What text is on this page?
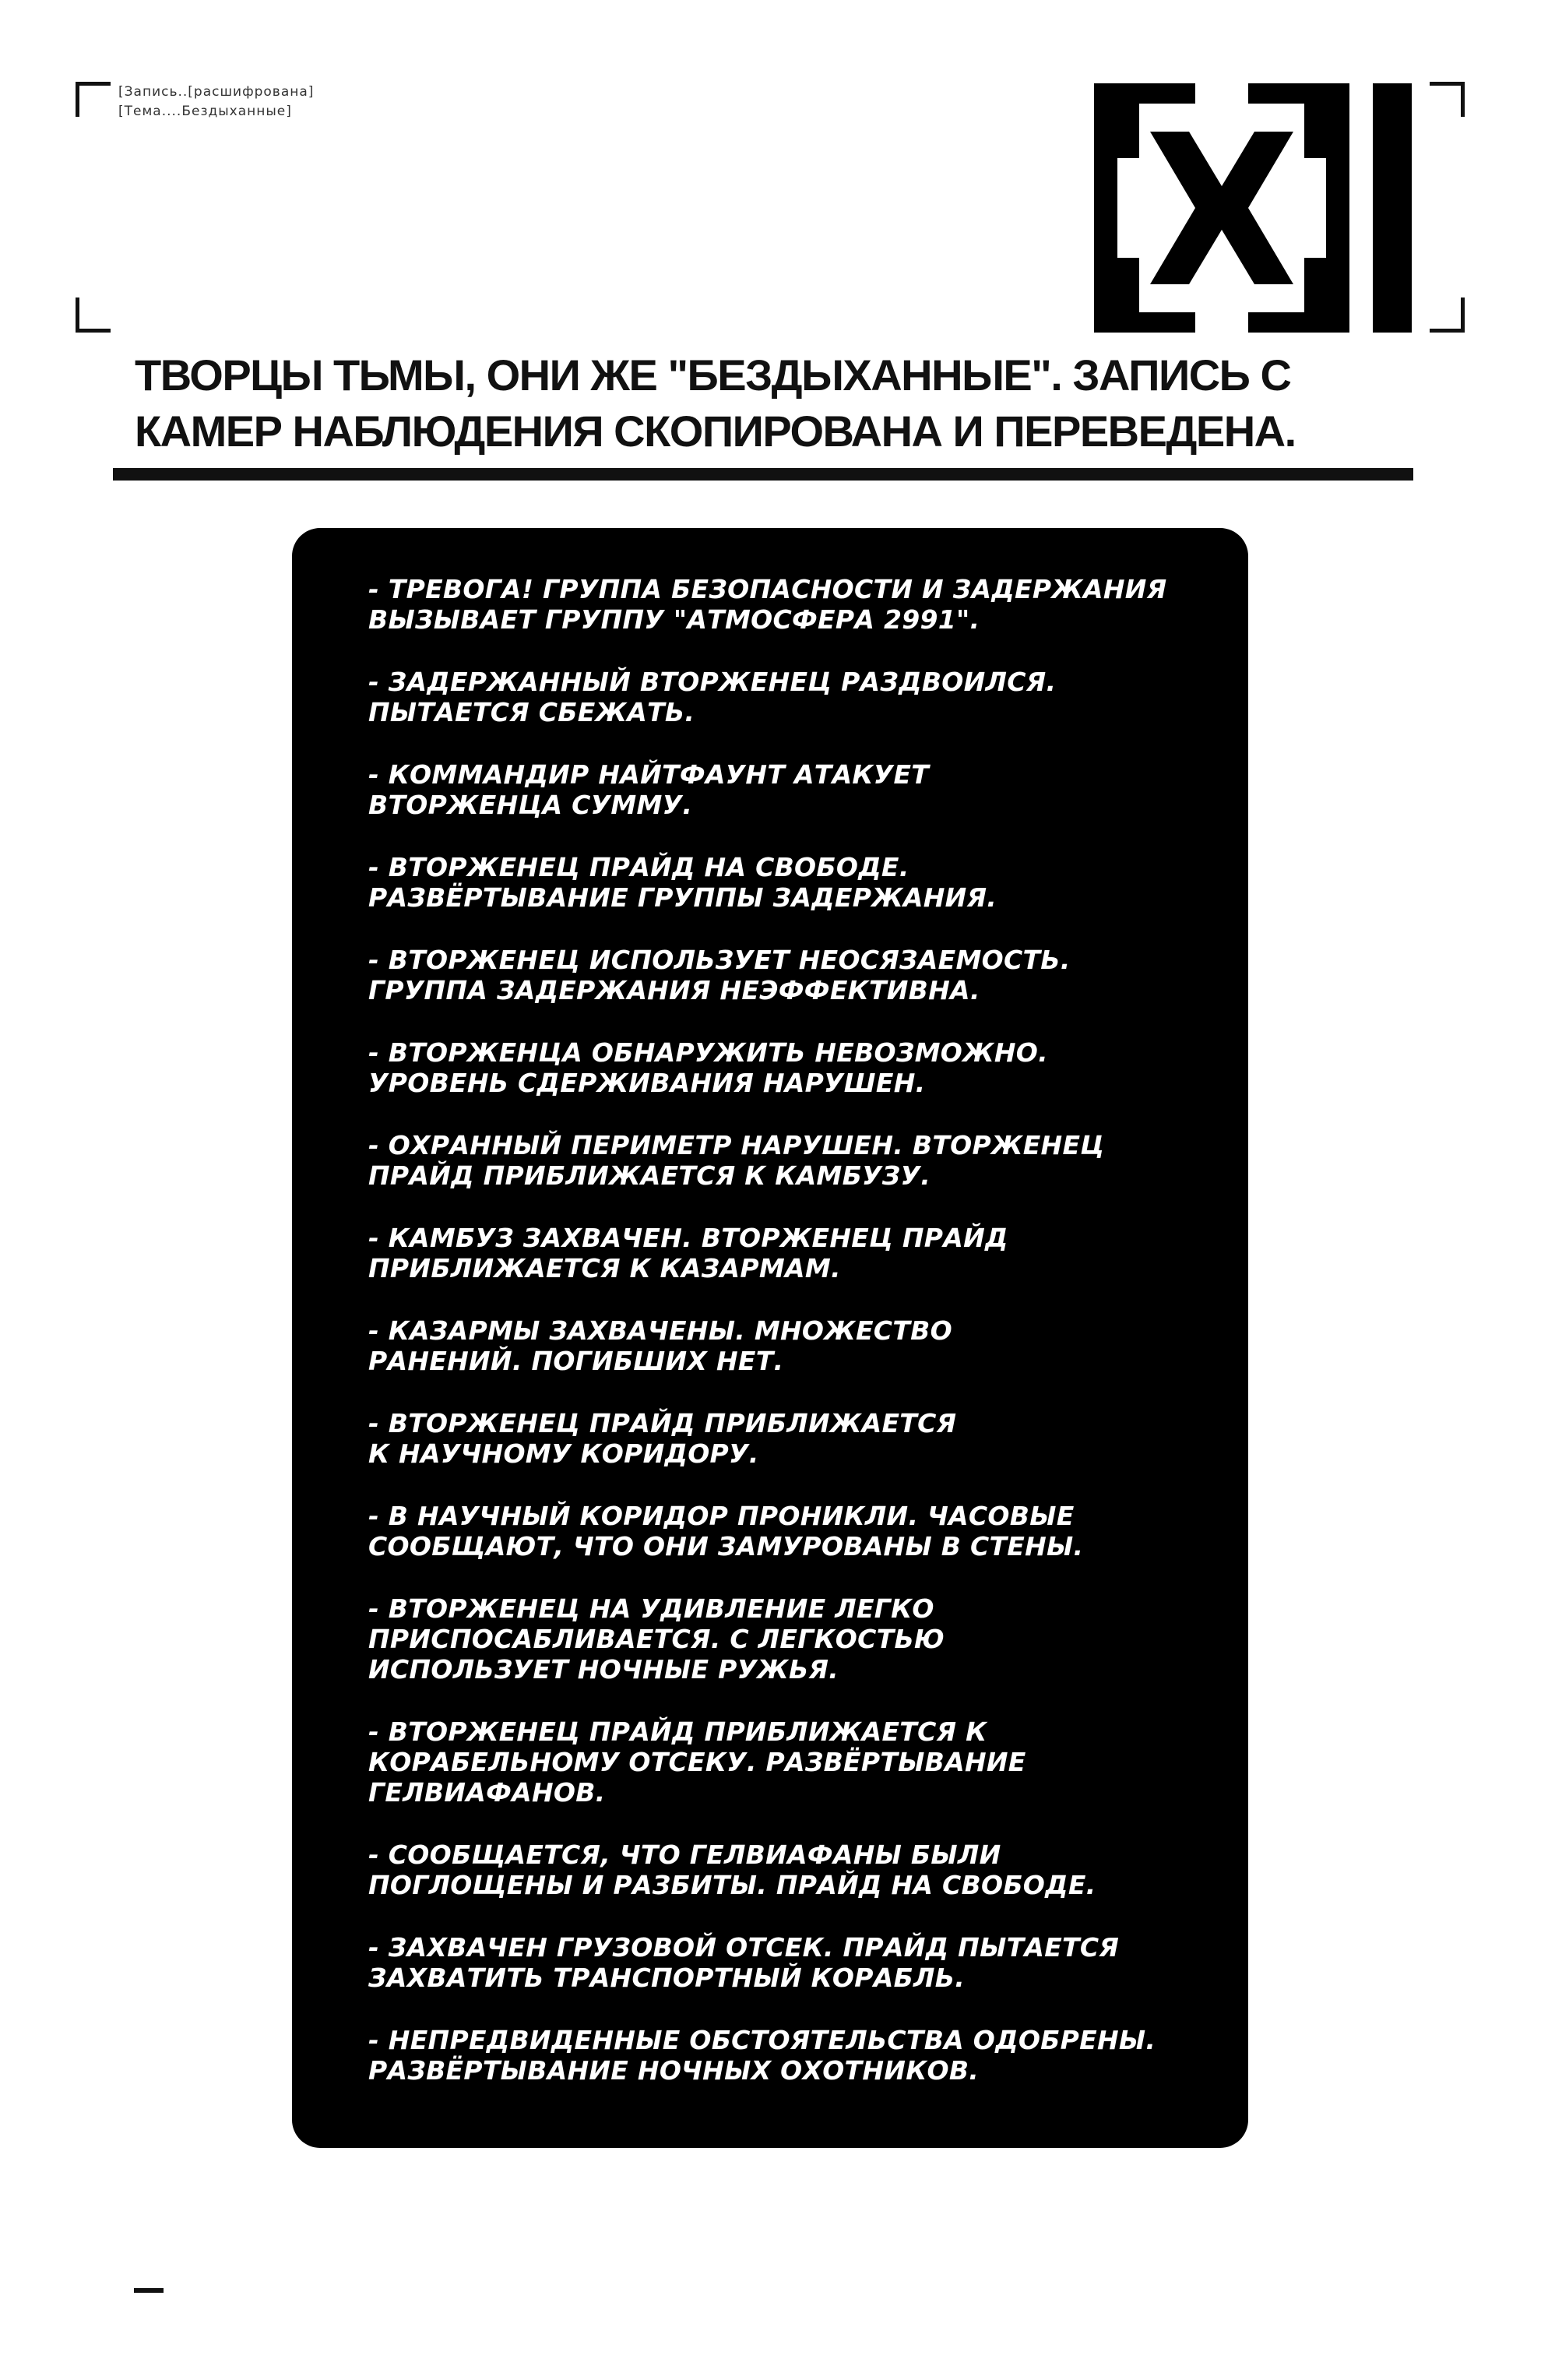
[Запись..[расшифрована]
[Тема....Бездыханные]
ТВОРЦЫ ТЬМЫ, ОНИ ЖЕ "БЕЗДЫХАННЫЕ". ЗАПИСЬ С
КАМЕР НАБЛЮДЕНИЯ СКОПИРОВАНА И ПЕРЕВЕДЕНА.
- ТРЕВОГА! ГРУППА БЕЗОПАСНОСТИ И ЗАДЕРЖАНИЯ
ВЫЗЫВАЕТ ГРУППУ "АТМОСФЕРА 2991".
- ЗАДЕРЖАННЫЙ ВТОРЖЕНЕЦ РАЗДВОИЛСЯ.
ПЫТАЕТСЯ СБЕЖАТЬ.
- КОММАНДИР НАЙТФАУНТ АТАКУЕТ
ВТОРЖЕНЦА СУММУ.
- ВТОРЖЕНЕЦ ПРАЙД НА СВОБОДЕ.
РАЗВЁРТЫВАНИЕ ГРУППЫ ЗАДЕРЖАНИЯ.
- ВТОРЖЕНЕЦ ИСПОЛЬЗУЕТ НЕОСЯЗАЕМОСТЬ.
ГРУППА ЗАДЕРЖАНИЯ НЕЭФФЕКТИВНА.
- ВТОРЖЕНЦА ОБНАРУЖИТЬ НЕВОЗМОЖНО.
УРОВЕНЬ СДЕРЖИВАНИЯ НАРУШЕН.
- ОХРАННЫЙ ПЕРИМЕТР НАРУШЕН. ВТОРЖЕНЕЦ
ПРАЙД ПРИБЛИЖАЕТСЯ К КАМБУЗУ.
- КАМБУЗ ЗАХВАЧЕН. ВТОРЖЕНЕЦ ПРАЙД
ПРИБЛИЖАЕТСЯ К КАЗАРМАМ.
- КАЗАРМЫ ЗАХВАЧЕНЫ. МНОЖЕСТВО
РАНЕНИЙ. ПОГИБШИХ НЕТ.
- ВТОРЖЕНЕЦ ПРАЙД ПРИБЛИЖАЕТСЯ
К НАУЧНОМУ КОРИДОРУ.
- В НАУЧНЫЙ КОРИДОР ПРОНИКЛИ. ЧАСОВЫЕ
СООБЩАЮТ, ЧТО ОНИ ЗАМУРОВАНЫ В СТЕНЫ.
- ВТОРЖЕНЕЦ НА УДИВЛЕНИЕ ЛЕГКО
ПРИСПОСАБЛИВАЕТСЯ. С ЛЕГКОСТЬЮ
ИСПОЛЬЗУЕТ НОЧНЫЕ РУЖЬЯ.
- ВТОРЖЕНЕЦ ПРАЙД ПРИБЛИЖАЕТСЯ К
КОРАБЕЛЬНОМУ ОТСЕКУ. РАЗВЁРТЫВАНИЕ
ГЕЛВИАФАНОВ.
- СООБЩАЕТСЯ, ЧТО ГЕЛВИАФАНЫ БЫЛИ
ПОГЛОЩЕНЫ И РАЗБИТЫ. ПРАЙД НА СВОБОДЕ.
- ЗАХВАЧЕН ГРУЗОВОЙ ОТСЕК. ПРАЙД ПЫТАЕТСЯ
ЗАХВАТИТЬ ТРАНСПОРТНЫЙ КОРАБЛЬ.
- НЕПРЕДВИДЕННЫЕ ОБСТОЯТЕЛЬСТВА ОДОБРЕНЫ.
РАЗВЁРТЫВАНИЕ НОЧНЫХ ОХОТНИКОВ.
